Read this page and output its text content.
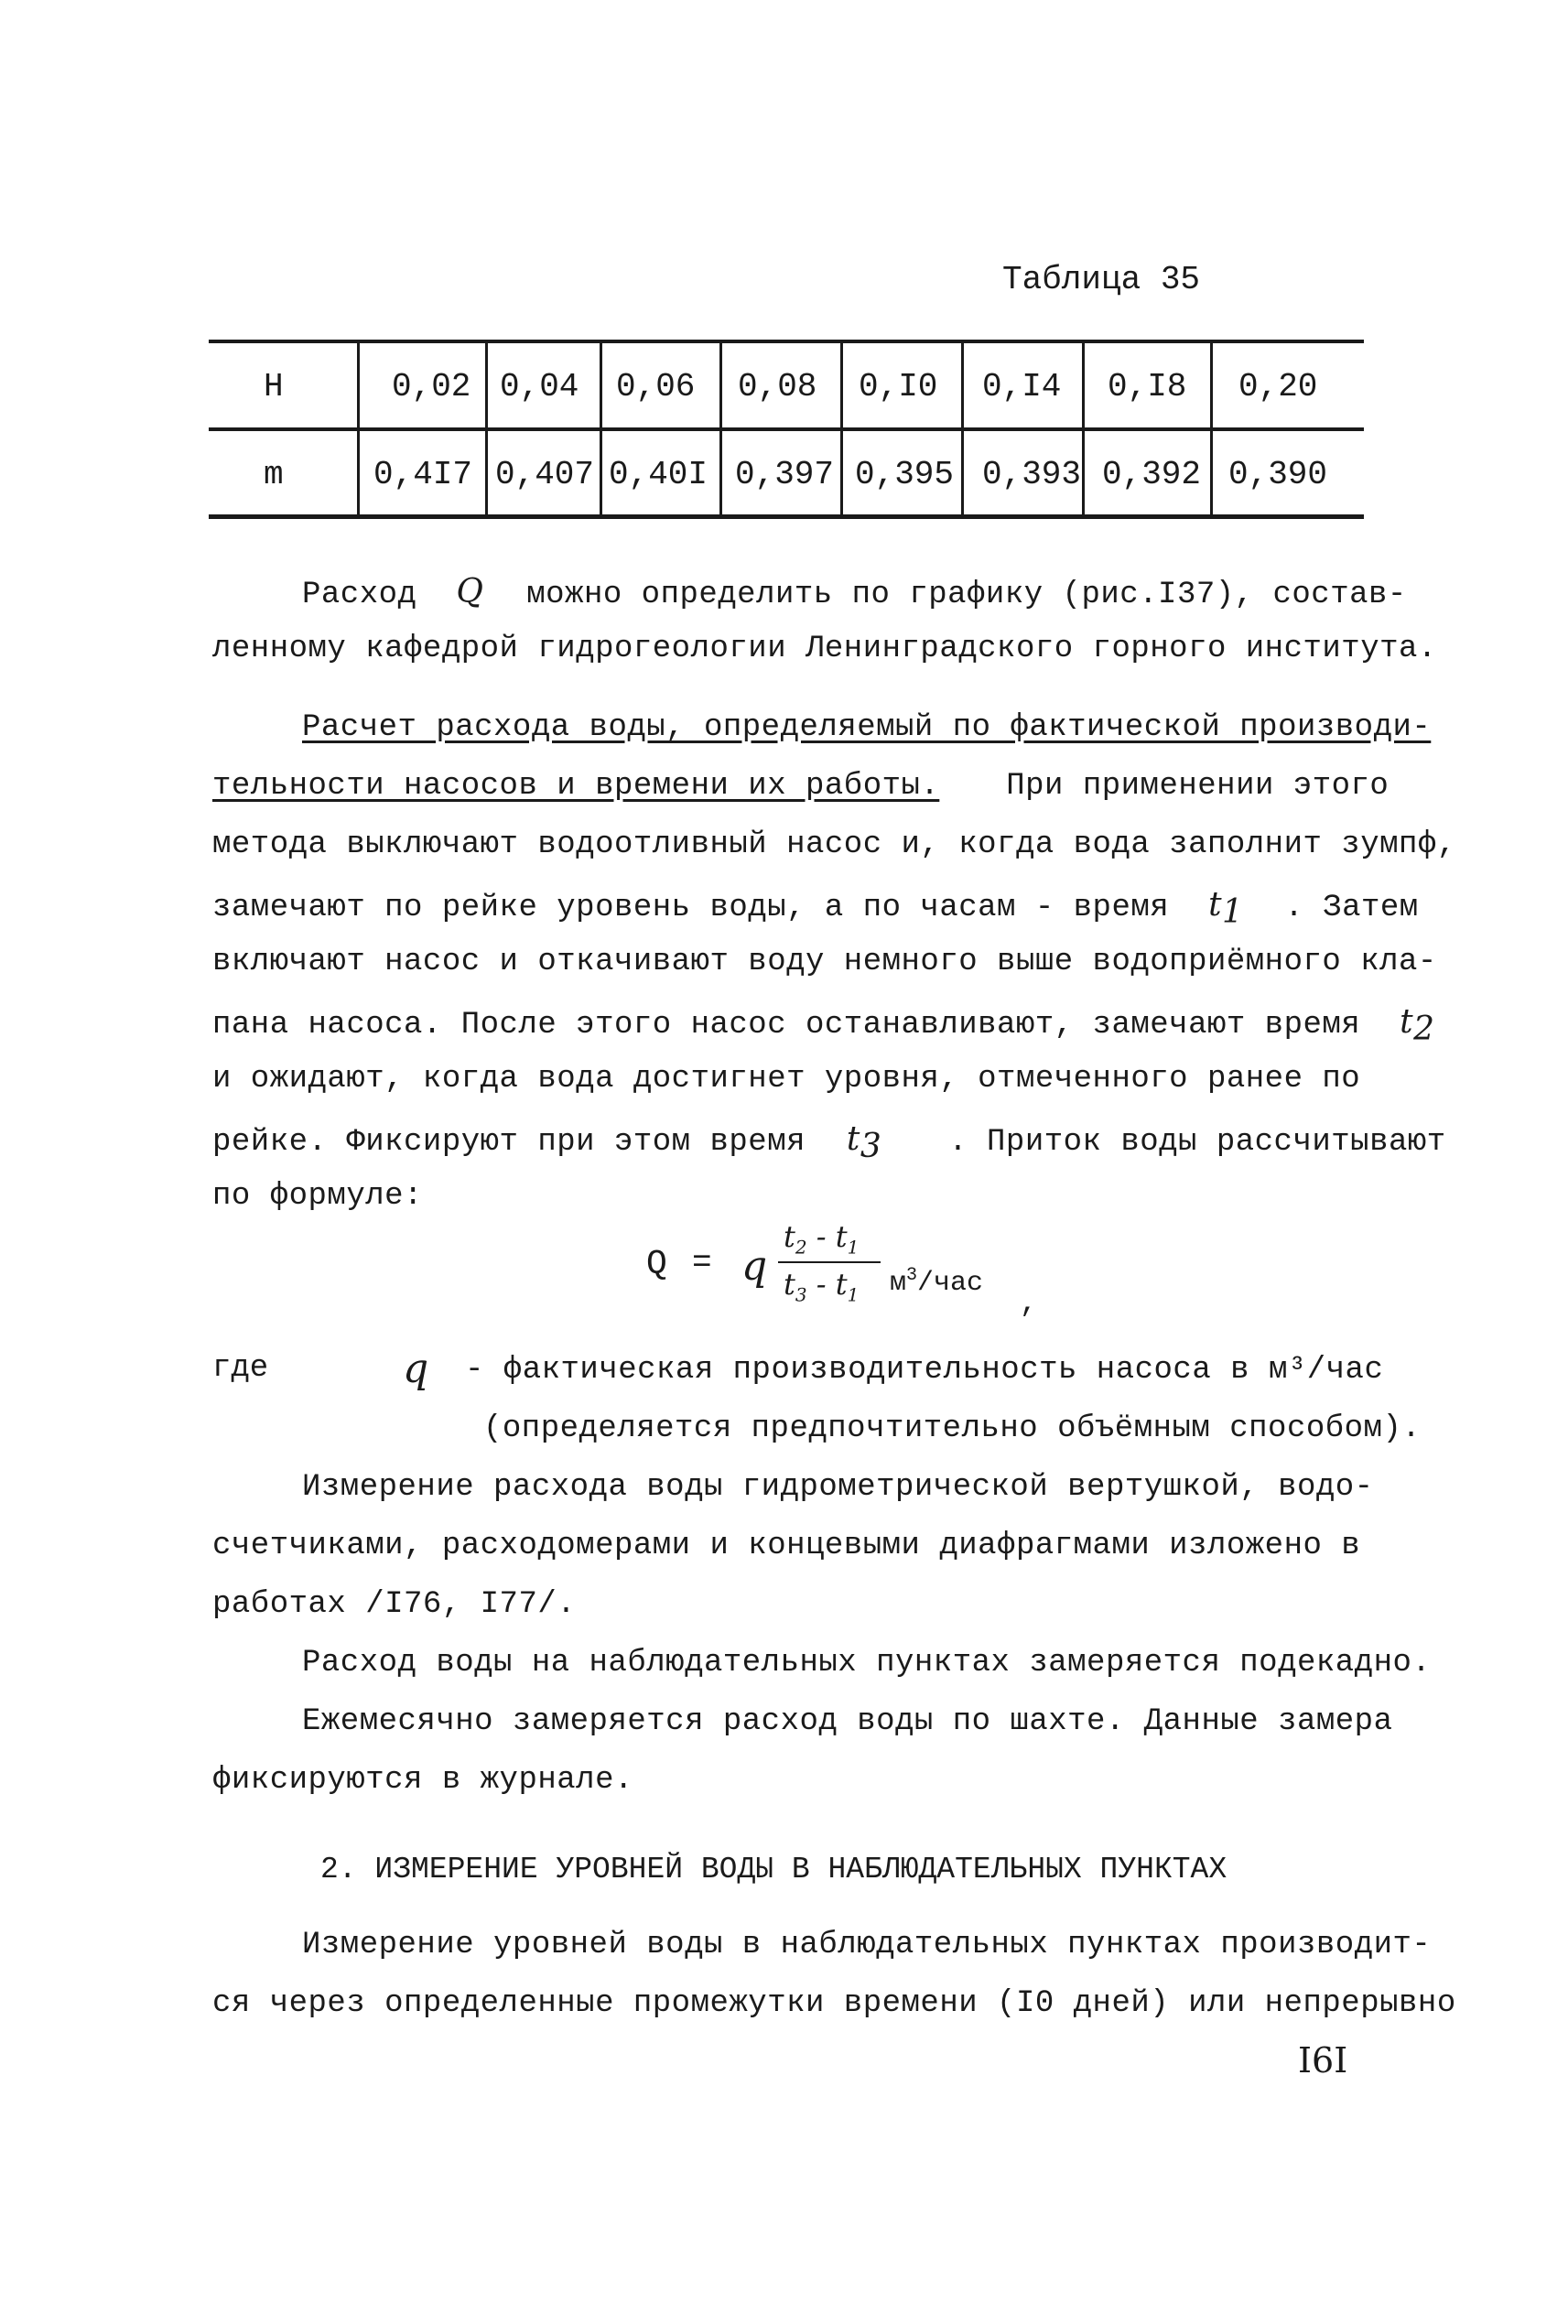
Таблица 35
Н	0,02 0,04 0,06 0,08 0,I0 0,I4 0,I8 0,20
m	0,4I7 0,407 0,40I 0,397 0,395 0,393 0,392 0,390
Расход Q можно определить по графику (рис.I37), состав-
ленному кафедрой гидрогеологии Ленинградского горного института.
Расчет расхода воды, определяемый по фактической производи-
тельности насосов и времени их работы. При применении этого
метода выключают водоотливный насос и, когда вода заполнит зумпф,
замечают по рейке уровень воды, а по часам - время $t_1$ . Затем
включают насос и откачивают воду немного выше водоприёмного кла-
пана насоса. После этого насос останавливают, замечают время $t_2$
и ожидают, когда вода достигнет уровня, отмеченного ранее по
рейке. Фиксируют при этом время $t_3$ . Приток воды рассчитывают
по формуле:
Q = q
$t_2 - t_1$
$t_3 - t_1$ $м^3$/час
,
где	q - фактическая производительность насоса в м³/час
(определяется предпочтительно объёмным способом).
Измерение расхода воды гидрометрической вертушкой, водо-
счетчиками, расходомерами и концевыми диафрагмами изложено в
работах /I76, I77/.
Расход воды на наблюдательных пунктах замеряется подекадно.
Ежемесячно замеряется расход воды по шахте. Данные замера
фиксируются в журнале.
2. ИЗМЕРЕНИЕ УРОВНЕЙ ВОДЫ В НАБЛЮДАТЕЛЬНЫХ ПУНКТАХ
Измерение уровней воды в наблюдательных пунктах производит-
ся через определенные промежутки времени (I0 дней) или непрерывно
I6I
